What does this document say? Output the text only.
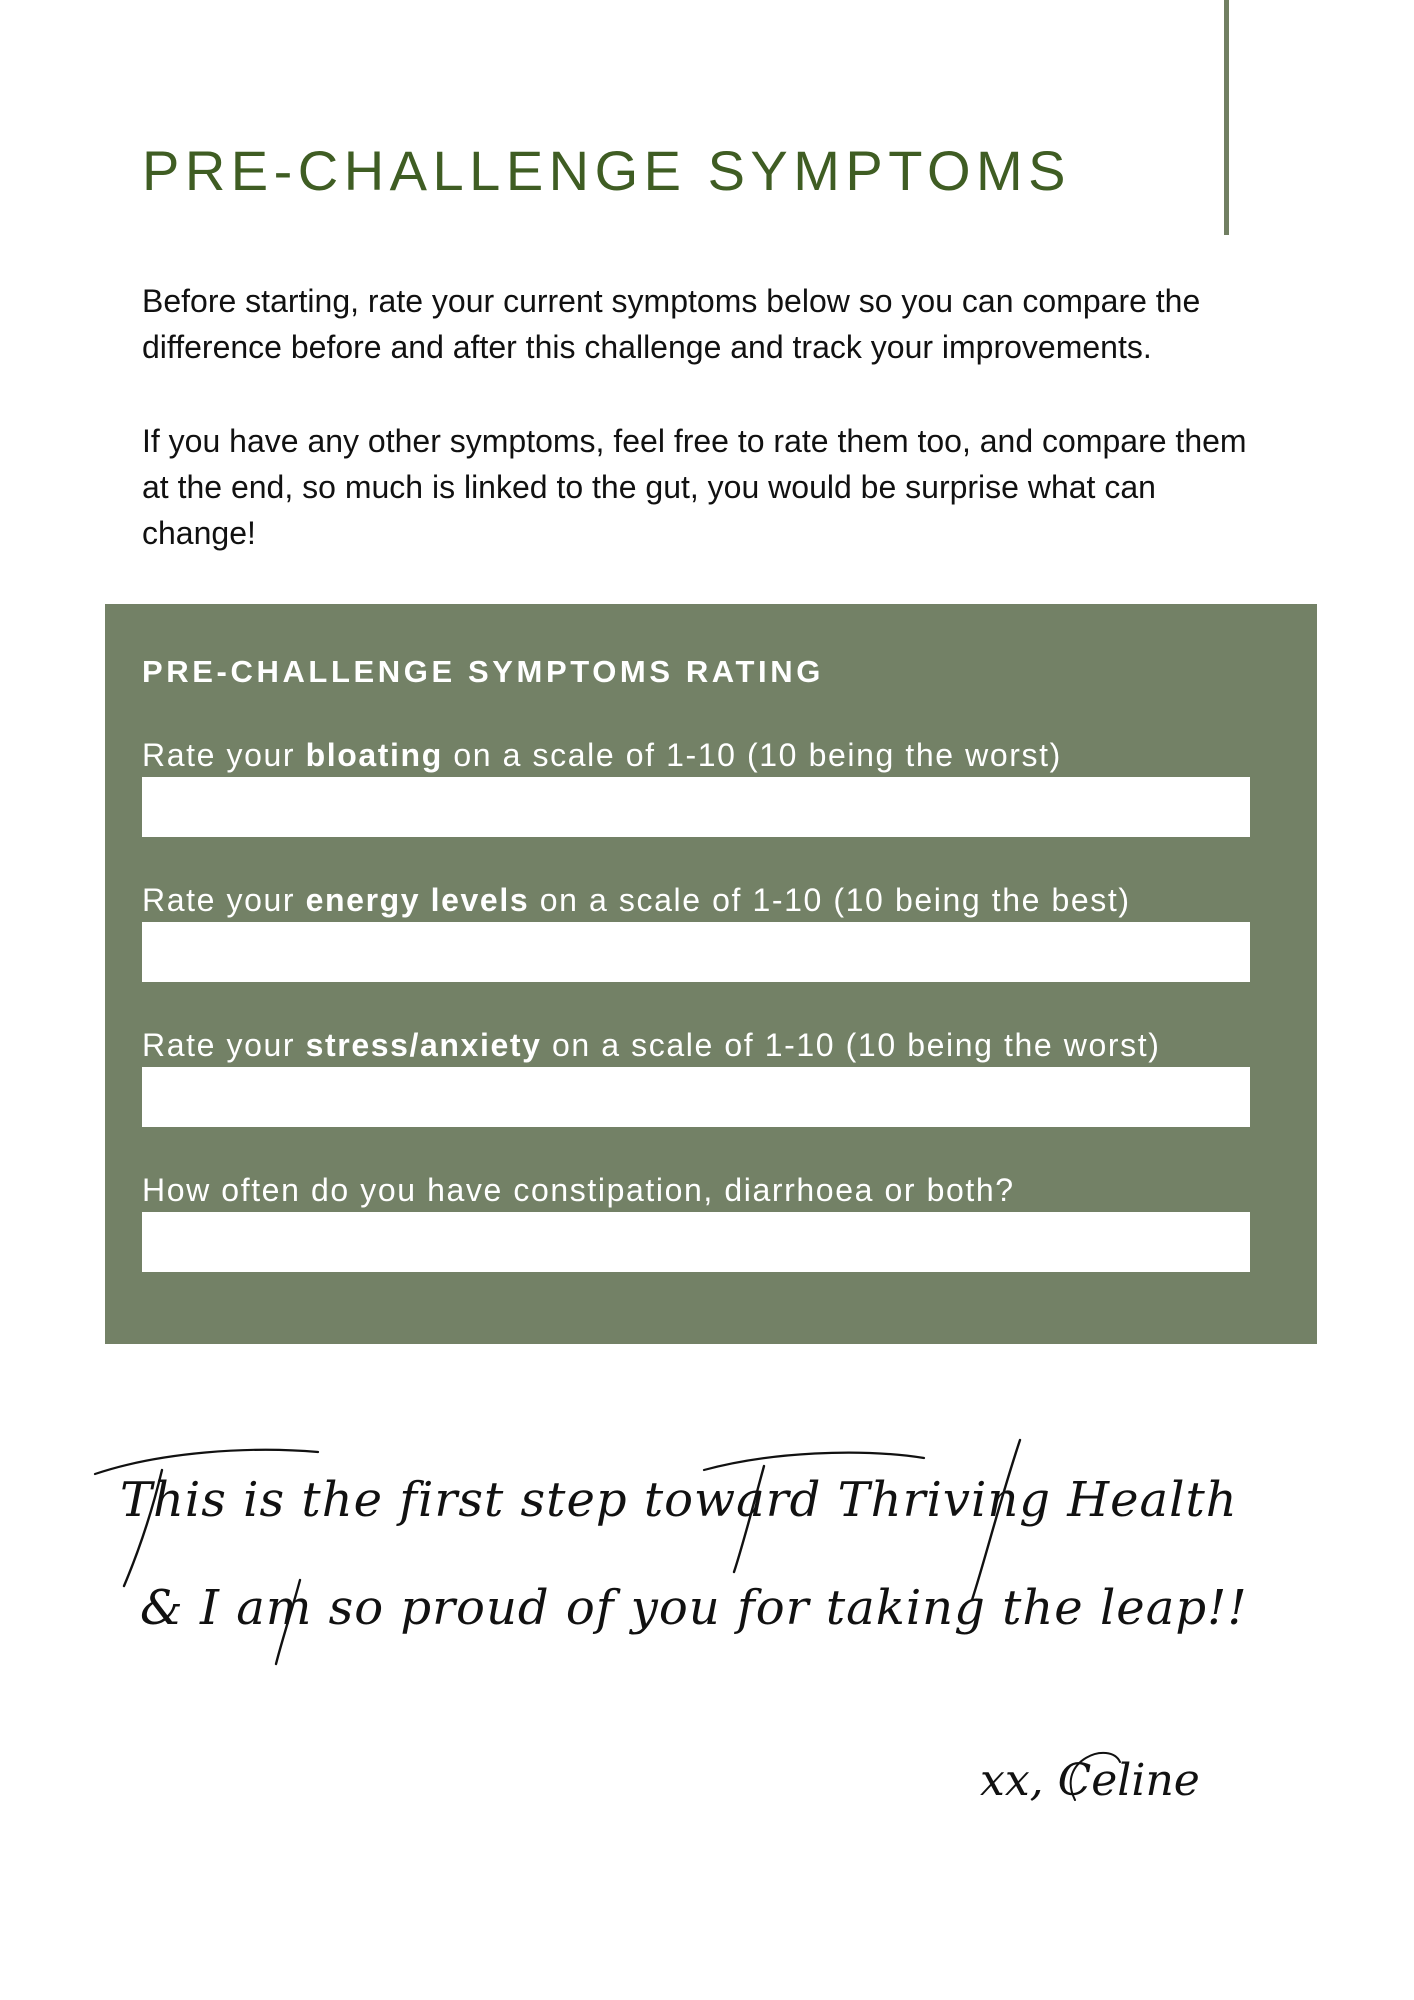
PRE-CHALLENGE SYMPTOMS

Before starting, rate your current symptoms below so you can compare the difference before and after this challenge and track your improvements.

If you have any other symptoms, feel free to rate them too, and compare them at the end, so much is linked to the gut, you would be surprise what can change!

PRE-CHALLENGE SYMPTOMS RATING

Rate your bloating on a scale of 1-10 (10 being the worst)

Rate your energy levels on a scale of 1-10 (10 being the best)

Rate your stress/anxiety on a scale of 1-10 (10 being the worst)

How often do you have constipation, diarrhoea or both?

This is the first step toward Thriving Health

& I am so proud of you for taking the leap!!

xx, Celine
